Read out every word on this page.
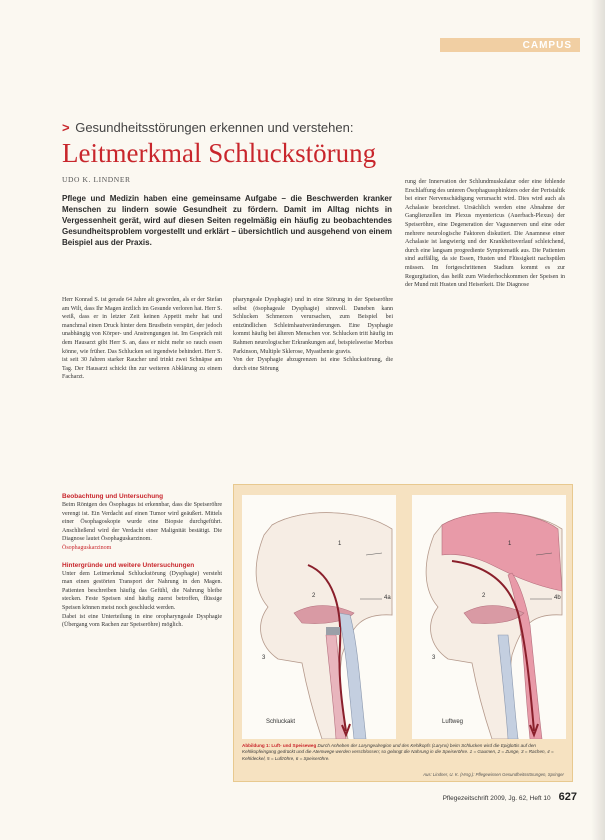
CAMPUS
> Gesundheitsstörungen erkennen und verstehen:
Leitmerkmal Schluckstörung
UDO K. LINDNER
Pflege und Medizin haben eine gemeinsame Aufgabe – die Beschwerden kranker Menschen zu lindern sowie Gesundheit zu fördern. Damit im Alltag nichts in Vergessenheit gerät, wird auf diesen Seiten regelmäßig ein häufig zu beobachtendes Gesundheitsproblem vorgestellt und erklärt – übersichtlich und ausgehend von einem Beispiel aus der Praxis.

Herr Konrad S. ist gerade 64 Jahre alt geworden, als er der Stefan am Wilt, dass Ihr Magen ärztlich im Gesunde verloren hat. Herr S. weiß, dass er in letzter Zeit keinen Appetit mehr hat und manchmal einen Druck hinter dem Brustbein verspürt, der jedoch unabhängig von Körper- und Anstrengungen ist. Im Gespräch mit dem Hausarzt gibt Herr S. an, dass er nicht mehr so rauch essen könne, wie früher. Das Schlucken sei irgendwie behindert. Herr S. ist seit 30 Jahren starker Raucher und trinkt zwei Schnäpse am Tag. Der Hausarzt schickt ihn zur weiteren Abklärung zu einem Facharzt.

Beobachtung und Untersuchung

Beim Röntgen des Ösophagus ist erkennbar, dass die Speiseröhre verengt ist. Ein Verdacht auf einen Tumor wird geäußert. Mittels einer Ösophagoskopie wurde eine Biopsie durchgeführt. Anschließend wird der Verdacht einer Malignität bestätigt. Die Diagnose lautet Ösophaguskarzinom.

Ösophaguskarzinom

Hintergründe und weitere Untersuchungen

Unter dem Leitmerkmal Schluckstörung (Dysphagie) versteht man einen gestörten Transport der Nahrung in den Magen. Patienten beschreiben häufig das Gefühl, die Nahrung bleibe stecken. Feste Speisen sind häufig zuerst betroffen, flüssige Speisen können meist noch geschluckt werden.

Dabei ist eine Unterteilung in eine oropharyngeale Dysphagie (Übergang vom Rachen zur Speiseröhre) möglich.

pharyngeale Dysphagie) und in eine Störung in der Speiseröhre selbst (ösophageale Dysphagie) sinnvoll. Daneben kann Schlucken Schmerzen verursachen, zum Beispiel bei entzündlichen Schleimhautveränderungen. Eine Dysphagie kommt häufig bei älteren Menschen vor. Schlucken tritt häufig im Rahmen neurologischer Erkrankungen auf, beispielsweise Morbus Parkinson, Multiple Sklerose, Myasthenie gravis.

Von der Dysphagie abzugrenzen ist eine Schluckstörung, die durch eine Störung

rung der Innervation der Schlundmuskulatur oder eine fehlende Erschlaffung des unteren Ösophagussphinkters oder der Peristaltik bei einer Nervenschädigung verursacht wird. Dies wird auch als Achalasie bezeichnet. Ursächlich werden eine Abnahme der Ganglienzellen im Plexus myentericus (Auerbach-Plexus) der Speiseröhre, eine Degeneration der Vagusnerven und eine oder mehrere neurologische Faktoren diskutiert. Die Anamnese einer Achalasie ist langwierig und der Krankheitsverlauf schleichend, durch eine langsam progrediente Symptomatik aus. Die Patienten sind auffällig, da sie Essen, Husten und Flüssigkeit nachspülen müssen. Im fortgeschrittenen Stadium kommt es zur Regurgitation, das heißt zum Wiederhochkommen der Speisen in der Mund mit Husten und Heiserkeit. Die Diagnose

1
2
3
4a
Schluckakt
1
2
3
4b
Luftweg
Abbildung 1: Luft- und Speiseweg Durch Anheben der Laryngealregion und des Kehlkopfs (Larynx) beim Schlucken wird die Epiglottis auf den Kehlkopfeingang gedrückt und die Atemwege werden verschlossen; so gelangt die Nahrung in die Speiseröhre. 1 = Gaumen, 2 = Zunge, 3 = Rachen, 4 = Kehldeckel, 5 = Luftröhre, 6 = Speiseröhre.
Aus: Lindner, U. K. (Hrsg.): Pflegewissen Gesundheitsstörungen, Springer
Pflegezeitschrift 2009, Jg. 62, Heft 10 627
